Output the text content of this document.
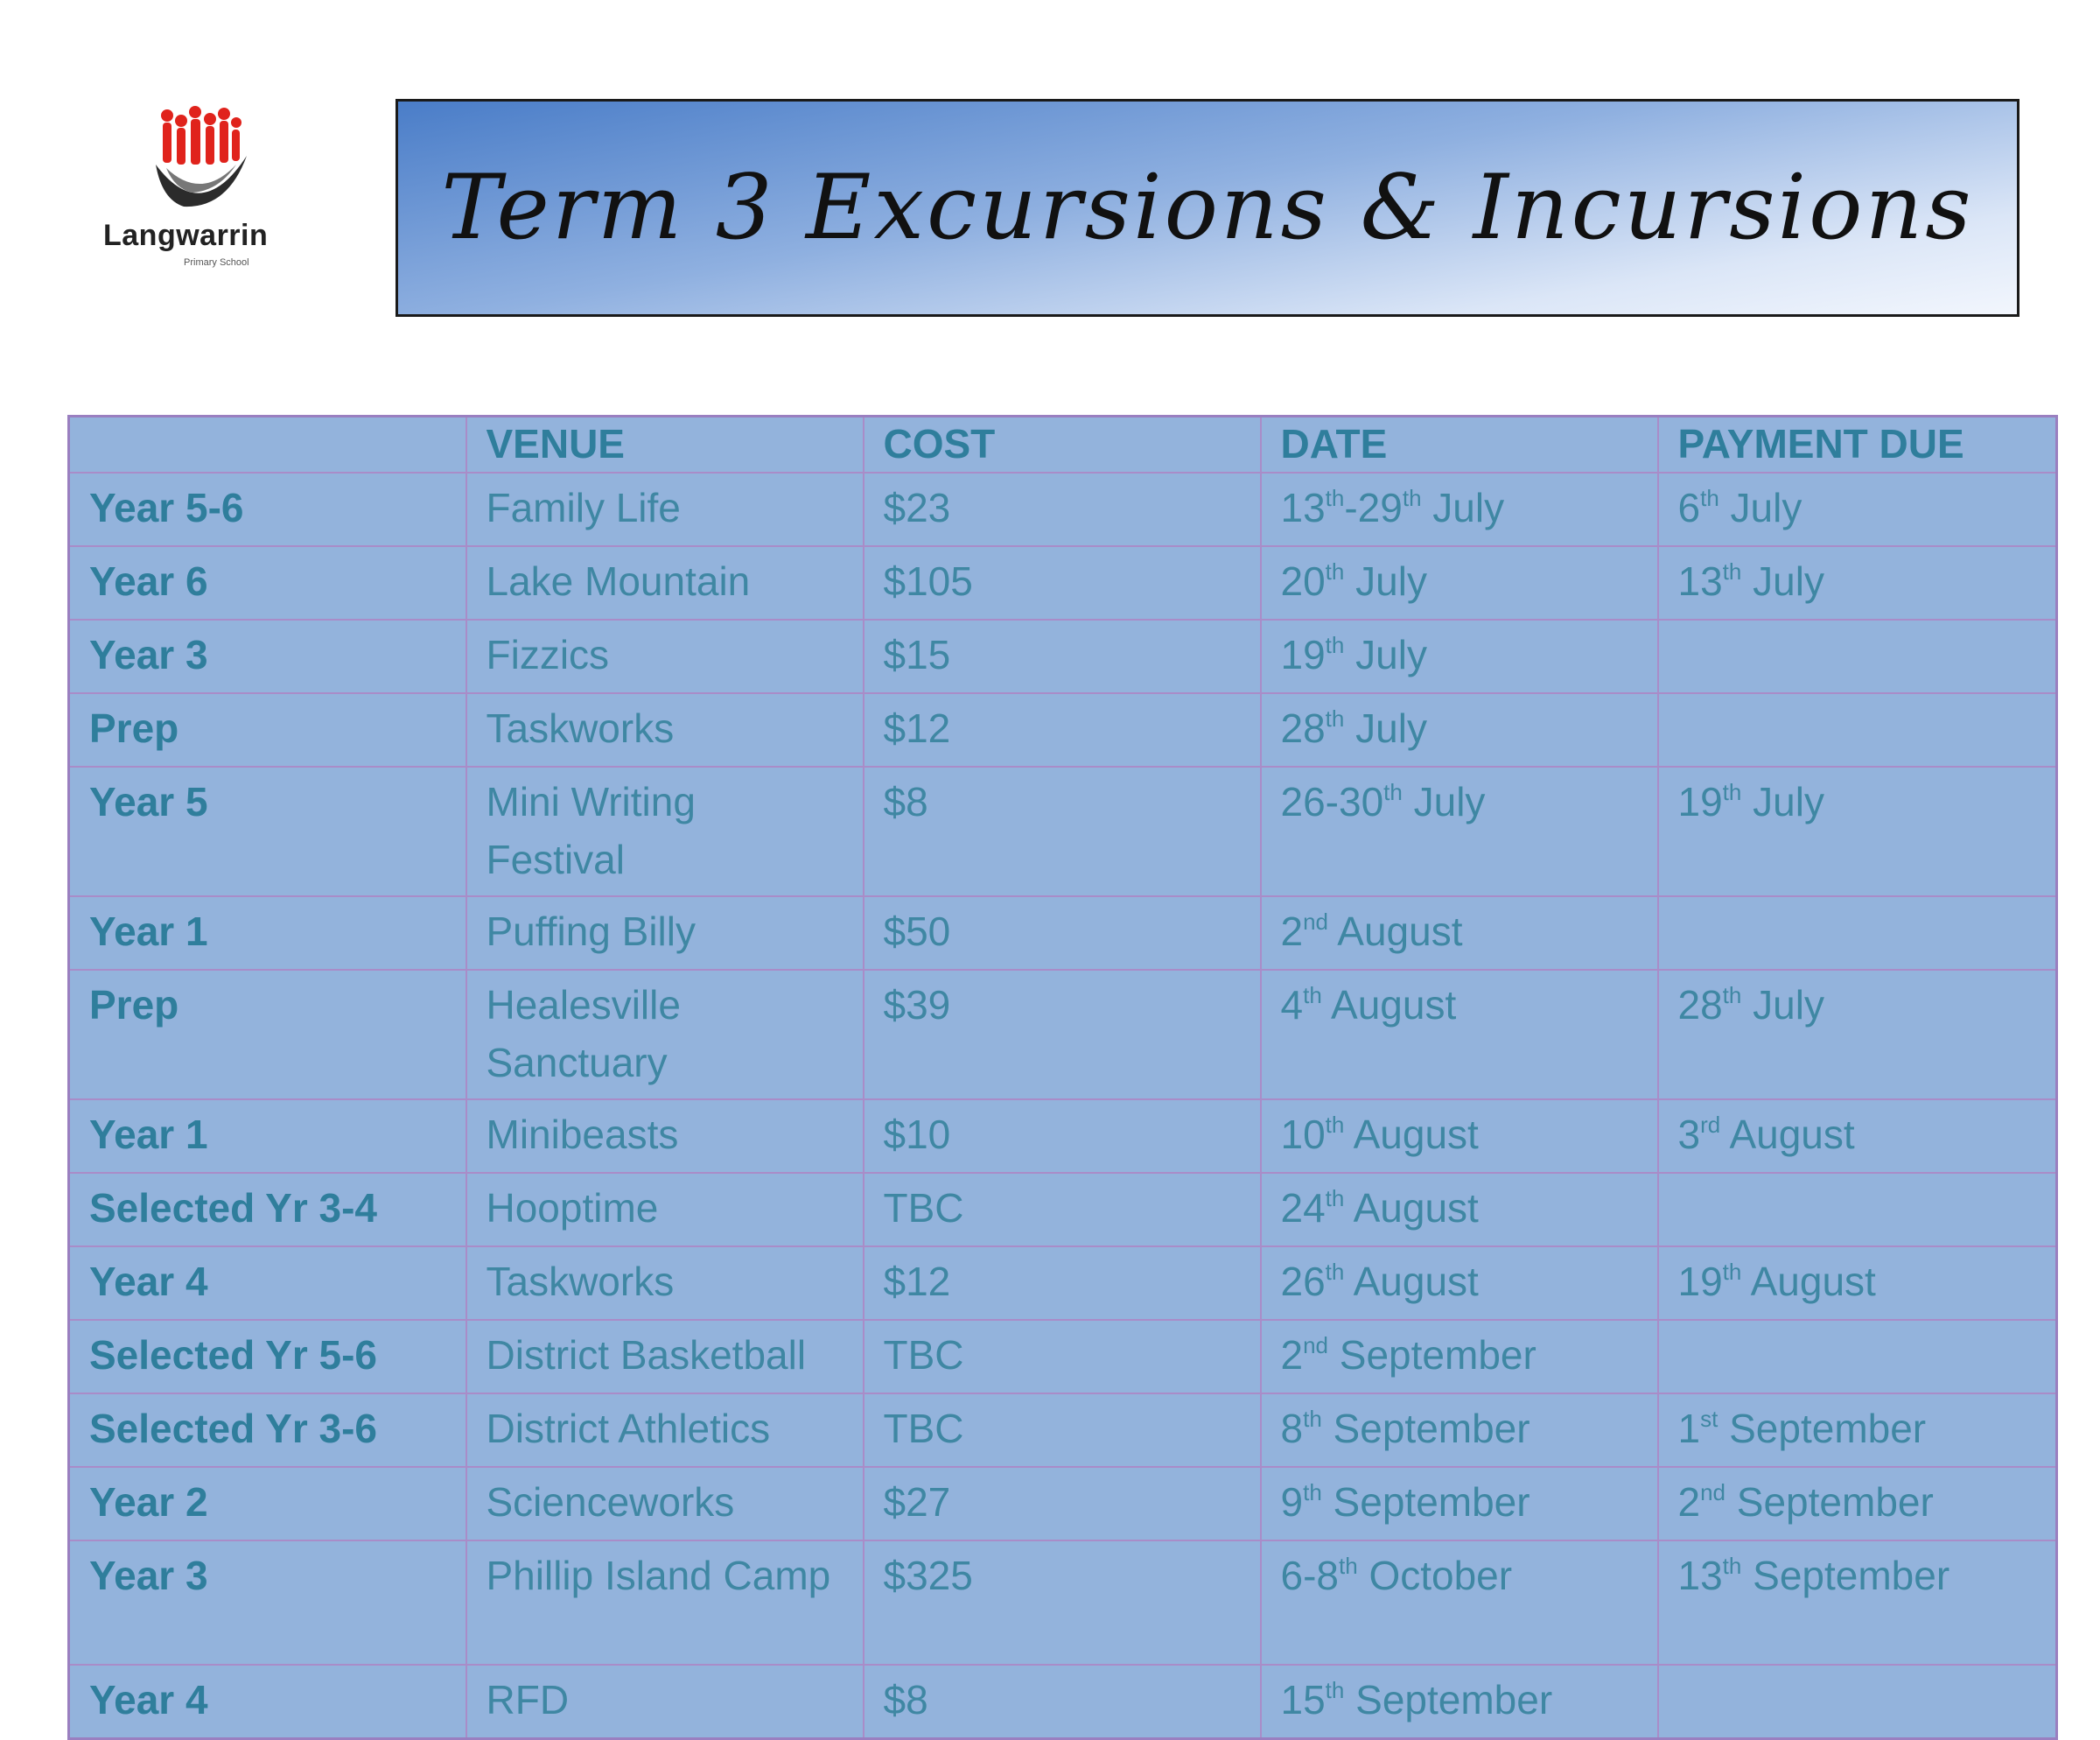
Langwarrin
Primary School
Term 3 Excursions & Incursions
	VENUE	COST	DATE	PAYMENT DUE
Year 5-6	Family Life	$23	13th-29th July	6th July
Year 6	Lake Mountain	$105	20th July	13th July
Year 3	Fizzics	$15	19th July	
Prep	Taskworks	$12	28th July	
Year 5	Mini Writing Festival	$8	26-30th July	19th July
Year 1	Puffing Billy	$50	2nd August	
Prep	Healesville Sanctuary	$39	4th August	28th July
Year 1	Minibeasts	$10	10th August	3rd August
Selected Yr 3-4	Hooptime	TBC	24th August	
Year 4	Taskworks	$12	26th August	19th August
Selected Yr 5-6	District Basketball	TBC	2nd September	
Selected Yr 3-6	District Athletics	TBC	8th September	1st September
Year 2	Scienceworks	$27	9th September	2nd September
Year 3	Phillip Island Camp	$325	6-8th October	13th September
Year 4	RFD	$8	15th September	
